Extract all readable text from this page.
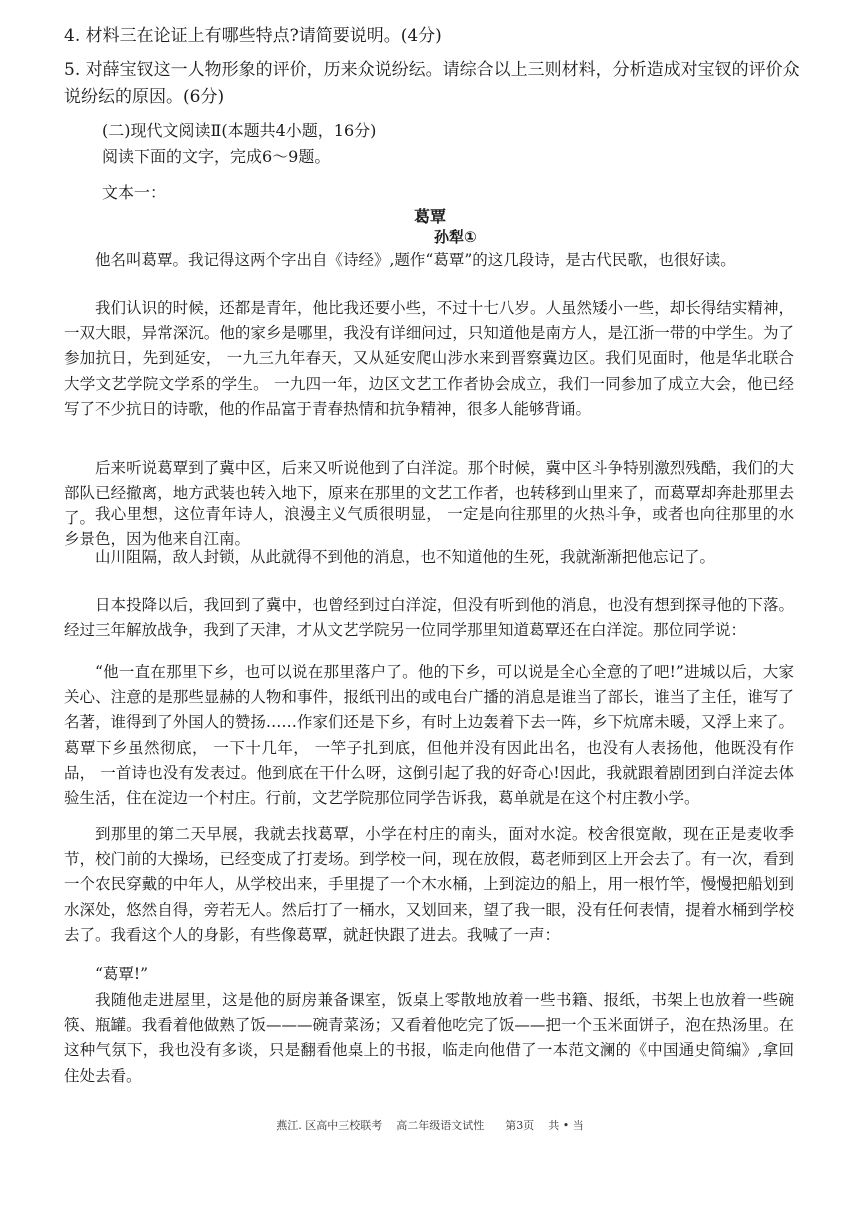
4. 材料三在论证上有哪些特点?请简要说明。(4分)
5. 对薛宝钗这一人物形象的评价，历来众说纷纭。请综合以上三则材料，分析造成对宝钗的评价众说纷纭的原因。(6分)
(二)现代文阅读Ⅱ(本题共4小题，16分)
阅读下面的文字，完成6～9题。
文本一：
葛覃
孙犁①
他名叫葛覃。我记得这两个字出自《诗经》,题作“葛覃”的这几段诗，是古代民歌，也很好读。
我们认识的时候，还都是青年，他比我还要小些，不过十七八岁。人虽然矮小一些，却长得结实精神， 一双大眼，异常深沉。他的家乡是哪里，我没有详细问过，只知道他是南方人，是江浙一带的中学生。为了参加抗日，先到延安， 一九三九年春天，又从延安爬山涉水来到晋察冀边区。我们见面时，他是华北联合大学文艺学院文学系的学生。 一九四一年，边区文艺工作者协会成立，我们一同参加了成立大会，他已经写了不少抗日的诗歌，他的作品富于青春热情和抗争精神，很多人能够背诵。
后来听说葛覃到了冀中区，后来又听说他到了白洋淀。那个时候，冀中区斗争特别激烈残酷，我们的大部队已经撤离，地方武装也转入地下，原来在那里的文艺工作者，也转移到山里来了，而葛覃却奔赴那里去了。 我心里想，这位青年诗人，浪漫主义气质很明显， 一定是向往那里的火热斗争，或者也向往那里的水乡景色，因为他来自江南。
山川阻隔，敌人封锁，从此就得不到他的消息，也不知道他的生死，我就渐渐把他忘记了。
日本投降以后，我回到了冀中，也曾经到过白洋淀，但没有听到他的消息，也没有想到探寻他的下落。经过三年解放战争，我到了天津，才从文艺学院另一位同学那里知道葛覃还在白洋淀。那位同学说：
“他一直在那里下乡，也可以说在那里落户了。他的下乡，可以说是全心全意的了吧!”进城以后，大家关心、注意的是那些显赫的人物和事件，报纸刊出的或电台广播的消息是谁当了部长，谁当了主任，谁写了名著，谁得到了外国人的赞扬……作家们还是下乡，有时上边轰着下去一阵，乡下炕席未暖，又浮上来了。葛覃下乡虽然彻底， 一下十几年， 一竿子扎到底，但他并没有因此出名，也没有人表扬他，他既没有作品， 一首诗也没有发表过。他到底在干什么呀，这倒引起了我的好奇心!因此，我就跟着剧团到白洋淀去体验生活，住在淀边一个村庄。行前，文艺学院那位同学告诉我，葛单就是在这个村庄教小学。
到那里的第二天早展，我就去找葛覃，小学在村庄的南头，面对水淀。校舍很宽敞，现在正是麦收季节，校门前的大操场，已经变成了打麦场。到学校一问，现在放假，葛老师到区上开会去了。有一次，看到一个农民穿戴的中年人，从学校出来，手里提了一个木水桶，上到淀边的船上，用一根竹竿，慢慢把船划到水深处，悠然自得，旁若无人。然后打了一桶水，又划回来，望了我一眼，没有任何表情，提着水桶到学校去了。我看这个人的身影，有些像葛覃，就赶快跟了进去。我喊了一声：
“葛覃!”
我随他走进屋里，这是他的厨房兼备课室，饭桌上零散地放着一些书籍、报纸，书架上也放着一些碗筷、瓶罐。我看着他做熟了饭———碗青菜汤；又看着他吃完了饭——把一个玉米面饼子，泡在热汤里。在这种气氛下，我也没有多谈，只是翻看他桌上的书报，临走向他借了一本范文澜的《中国通史简编》,拿回住处去看。
燕江. 区高中三校联考    高二年级语文试性      第3页    共 • 当
